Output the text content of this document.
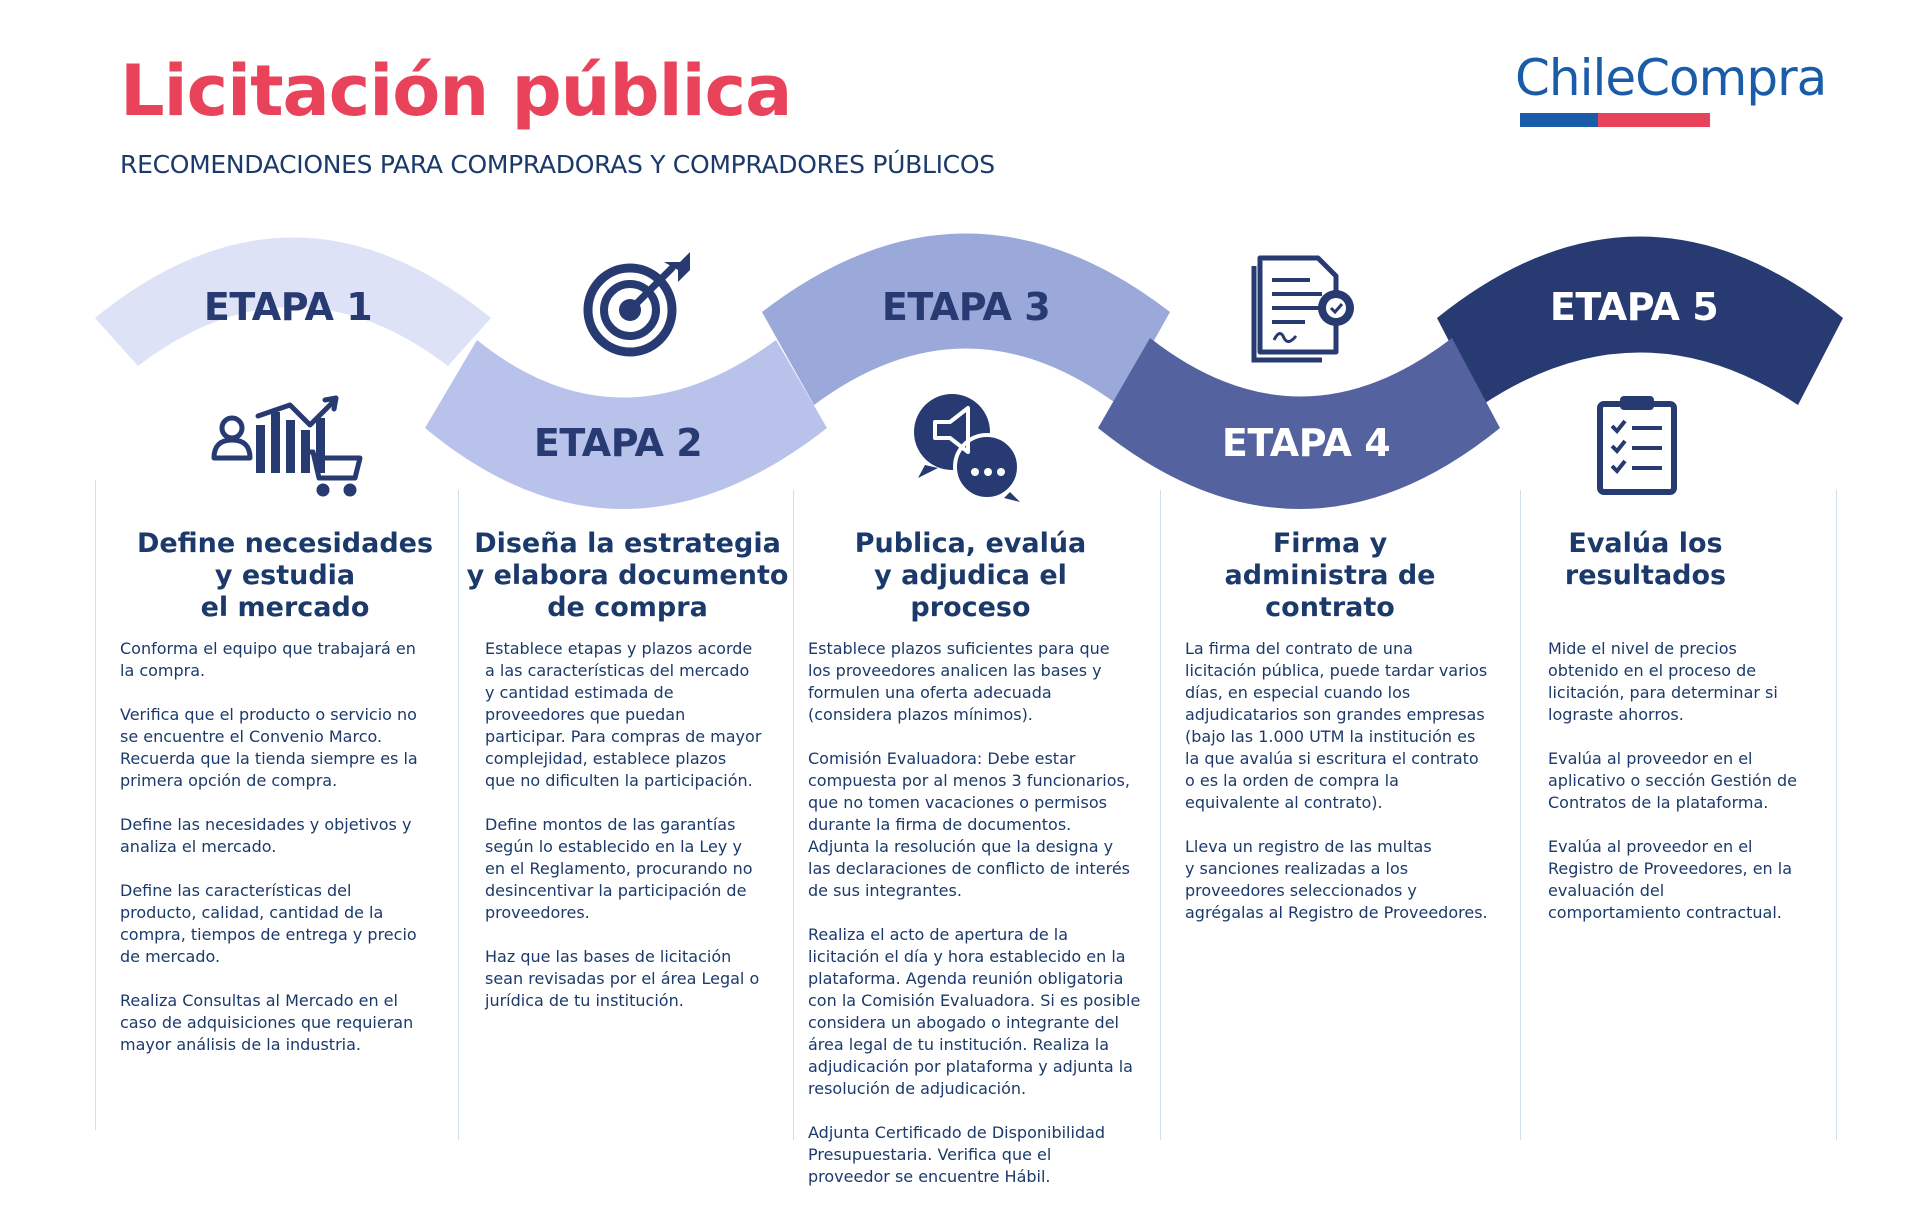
Licitación pública
RECOMENDACIONES PARA COMPRADORAS Y COMPRADORES PÚBLICOS
ChileCompra
ETAPA 1
ETAPA 2
ETAPA 3
ETAPA 4
ETAPA 5
Define necesidades
y estudia
el mercado

Conforma el equipo que trabajará en
la compra.

Verifica que el producto o servicio no
se encuentre el Convenio Marco.
Recuerda que la tienda siempre es la
primera opción de compra.

Define las necesidades y objetivos y
analiza el mercado.

Define las características del
producto, calidad, cantidad de la
compra, tiempos de entrega y precio
de mercado.

Realiza Consultas al Mercado en el
caso de adquisiciones que requieran
mayor análisis de la industria.

Diseña la estrategia
y elabora documento
de compra

Establece etapas y plazos acorde
a las características del mercado
y cantidad estimada de
proveedores que puedan
participar. Para compras de mayor
complejidad, establece plazos
que no dificulten la participación.

Define montos de las garantías
según lo establecido en la Ley y
en el Reglamento, procurando no
desincentivar la participación de
proveedores.

Haz que las bases de licitación
sean revisadas por el área Legal o
jurídica de tu institución.

Publica, evalúa
y adjudica el proceso

Establece plazos suficientes para que
los proveedores analicen las bases y
formulen una oferta adecuada
(considera plazos mínimos).

Comisión Evaluadora: Debe estar
compuesta por al menos 3 funcionarios,
que no tomen vacaciones o permisos
durante la firma de documentos.
Adjunta la resolución que la designa y
las declaraciones de conflicto de interés
de sus integrantes.

Realiza el acto de apertura de la
licitación el día y hora establecido en la
plataforma. Agenda reunión obligatoria
con la Comisión Evaluadora. Si es posible
considera un abogado o integrante del
área legal de tu institución. Realiza la
adjudicación por plataforma y adjunta la
resolución de adjudicación.

Adjunta Certificado de Disponibilidad
Presupuestaria. Verifica que el
proveedor se encuentre Hábil.

Firma y
administra de
contrato

La firma del contrato de una
licitación pública, puede tardar varios
días, en especial cuando los
adjudicatarios son grandes empresas
(bajo las 1.000 UTM la institución es
la que avalúa si escritura el contrato
o es la orden de compra la
equivalente al contrato).

Lleva un registro de las multas
y sanciones realizadas a los
proveedores seleccionados y
agrégalas al Registro de Proveedores.

Evalúa los
resultados

Mide el nivel de precios
obtenido en el proceso de
licitación, para determinar si
lograste ahorros.

Evalúa al proveedor en el
aplicativo o sección Gestión de
Contratos de la plataforma.

Evalúa al proveedor en el
Registro de Proveedores, en la
evaluación del
comportamiento contractual.
